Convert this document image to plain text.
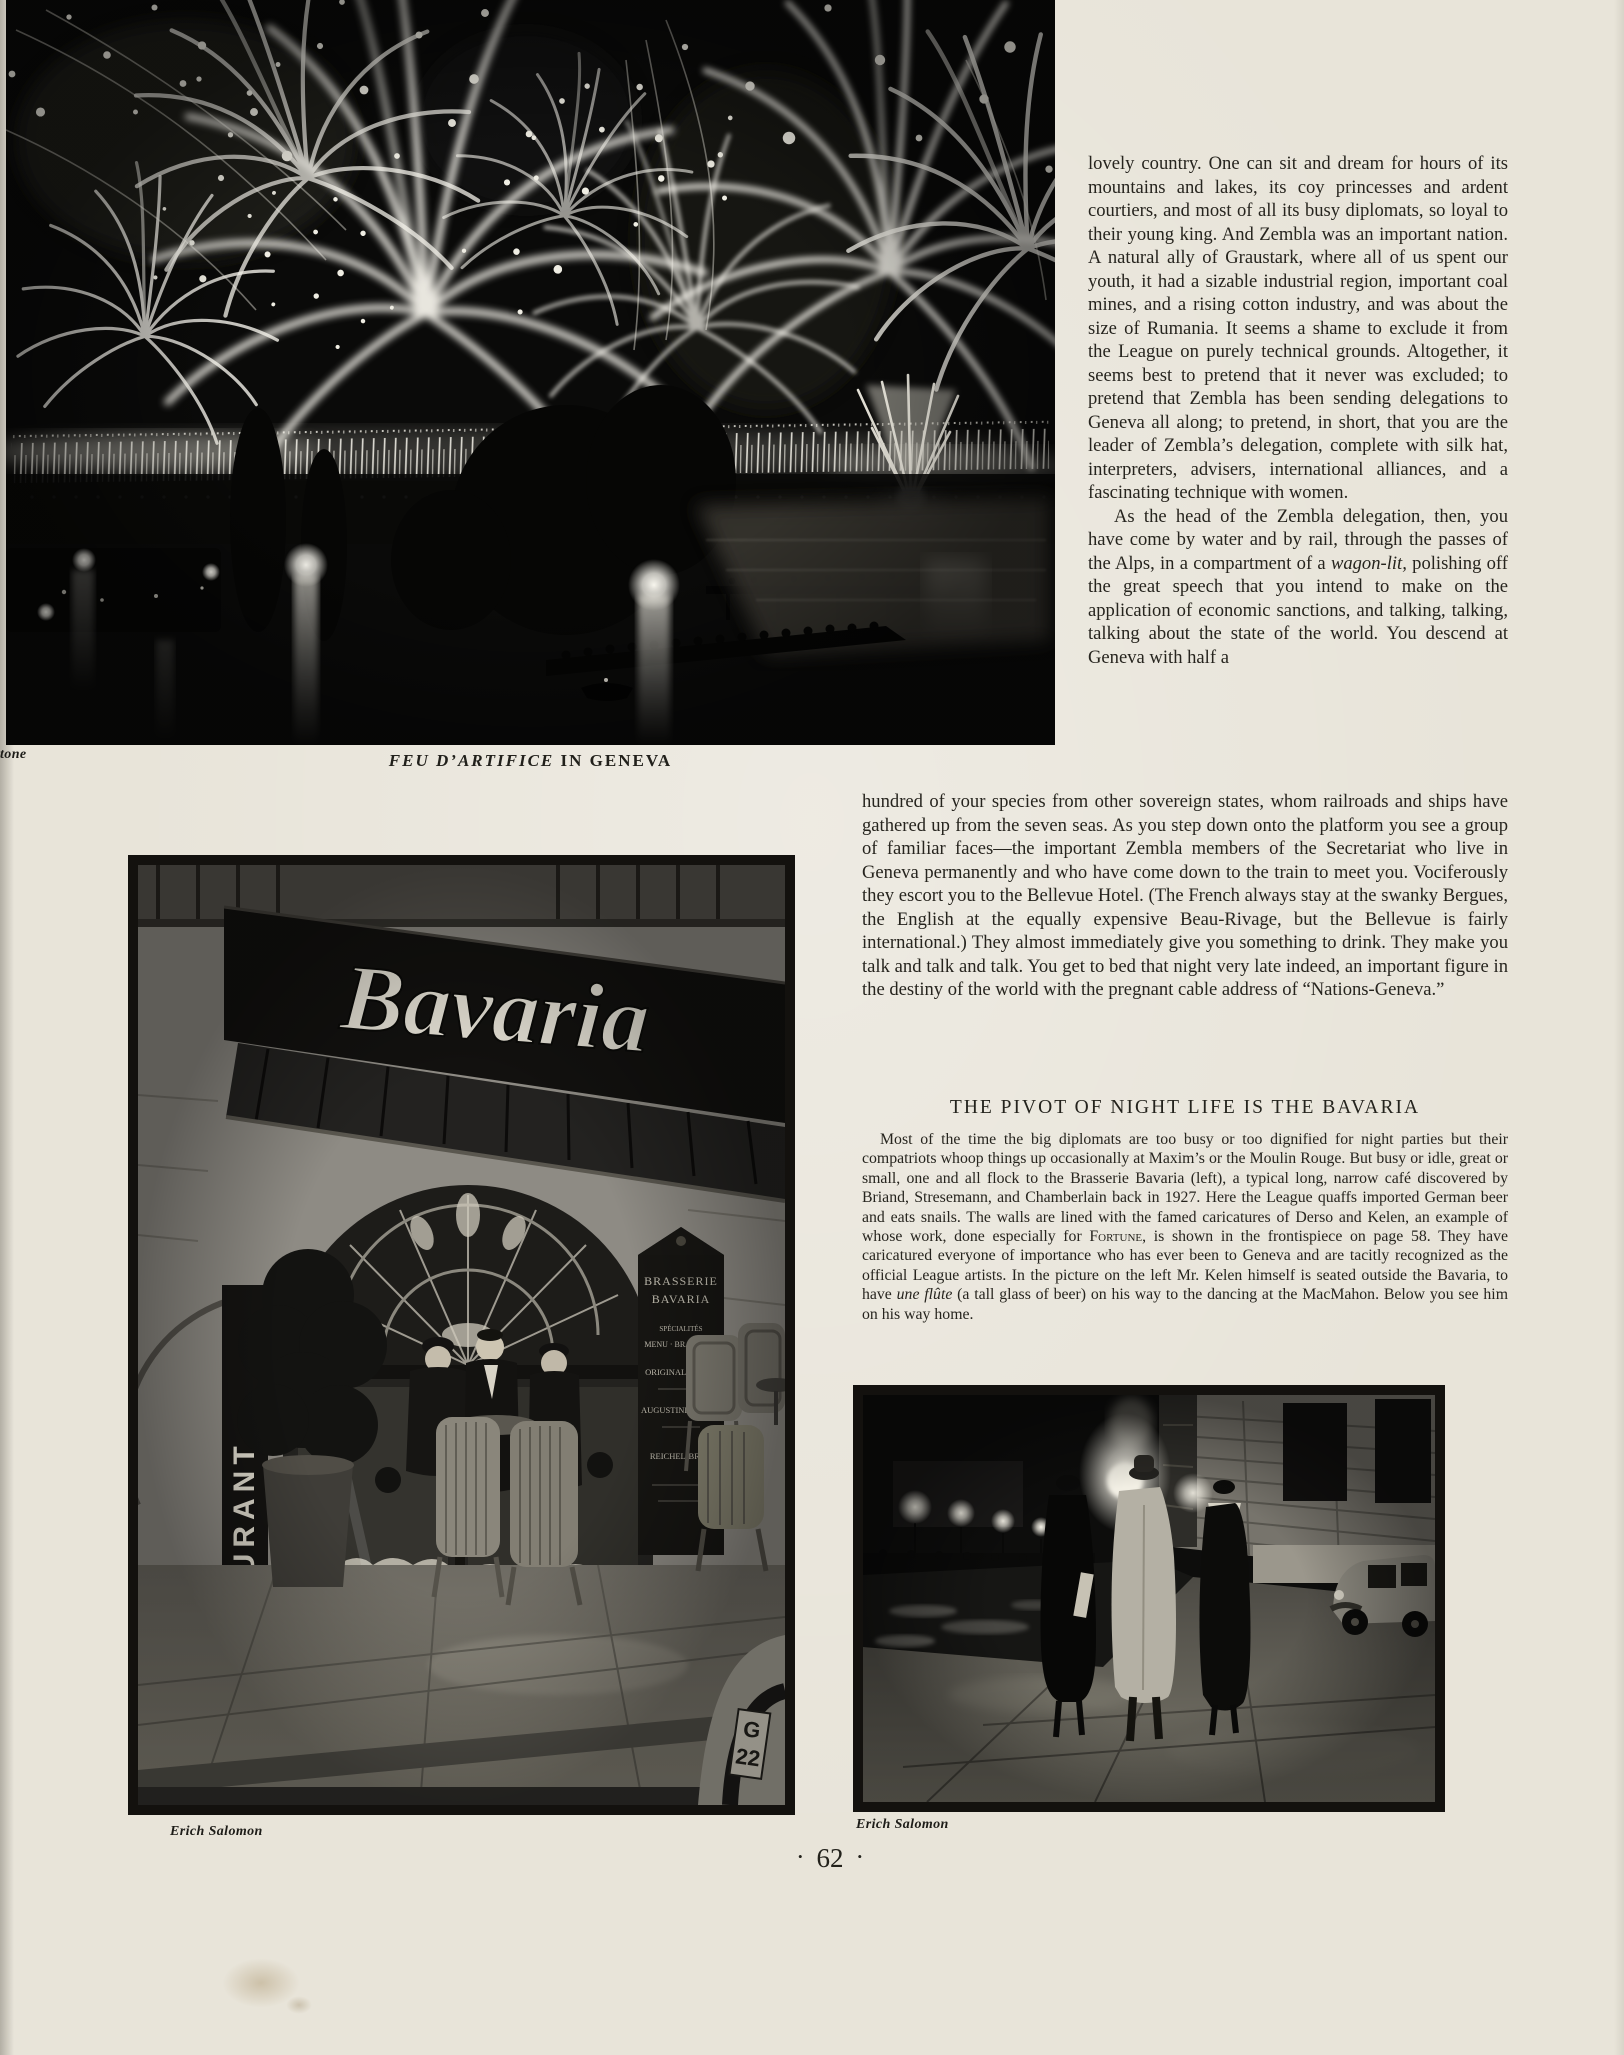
tone	FEU D’ARTIFICE IN GENEVA

lovely country. One can sit and dream for hours of its mountains and lakes, its coy princesses and ardent courtiers, and most of all its busy diplomats, so loyal to their young king. And Zembla was an important nation. A natural ally of Graustark, where all of us spent our youth, it had a sizable industrial region, important coal mines, and a rising cotton industry, and was about the size of Rumania. It seems a shame to exclude it from the League on purely technical grounds. Altogether, it seems best to pretend that it never was excluded; to pretend that Zembla has been sending delegations to Geneva all along; to pretend, in short, that you are the leader of Zembla’s delegation, complete with silk hat, interpreters, advisers, international alliances, and a fascinating technique with women.

As the head of the Zembla delegation, then, you have come by water and by rail, through the passes of the Alps, in a compartment of a wagon-lit, polishing off the great speech that you intend to make on the application of economic sanctions, and talking, talking, talking about the state of the world. You descend at Geneva with half a

hundred of your species from other sovereign states, whom railroads and ships have gathered up from the seven seas. As you step down onto the platform you see a group of familiar faces—the important Zembla members of the Secretariat who live in Geneva permanently and who have come down to the train to meet you. Vociferously they escort you to the Bellevue Hotel. (The French always stay at the swanky Bergues, the English at the equally expensive Beau-Rivage, but the Bellevue is fairly international.) They almost immediately give you something to drink. They make you talk and talk and talk. You get to bed that night very late indeed, an important figure in the destiny of the world with the pregnant cable address of “Nations-Geneva.”

THE PIVOT OF NIGHT LIFE IS THE BAVARIA

Most of the time the big diplomats are too busy or too dignified for night parties but their compatriots whoop things up occasionally at Maxim’s or the Moulin Rouge. But busy or idle, great or small, one and all flock to the Brasserie Bavaria (left), a typical long, narrow café discovered by Briand, Stresemann, and Chamberlain back in 1927. Here the League quaffs imported German beer and eats snails. The walls are lined with the famed caricatures of Derso and Kelen, an example of whose work, done especially for Fortune, is shown in the frontispiece on page 58. They have caricatured everyone of importance who has ever been to Geneva and are tacitly recognized as the official League artists. In the picture on the left Mr. Kelen himself is seated outside the Bavaria, to have une flûte (a tall glass of beer) on his way to the dancing at the MacMahon. Below you see him on his way home.

Erich Salomon	Erich Salomon
• 62 •
